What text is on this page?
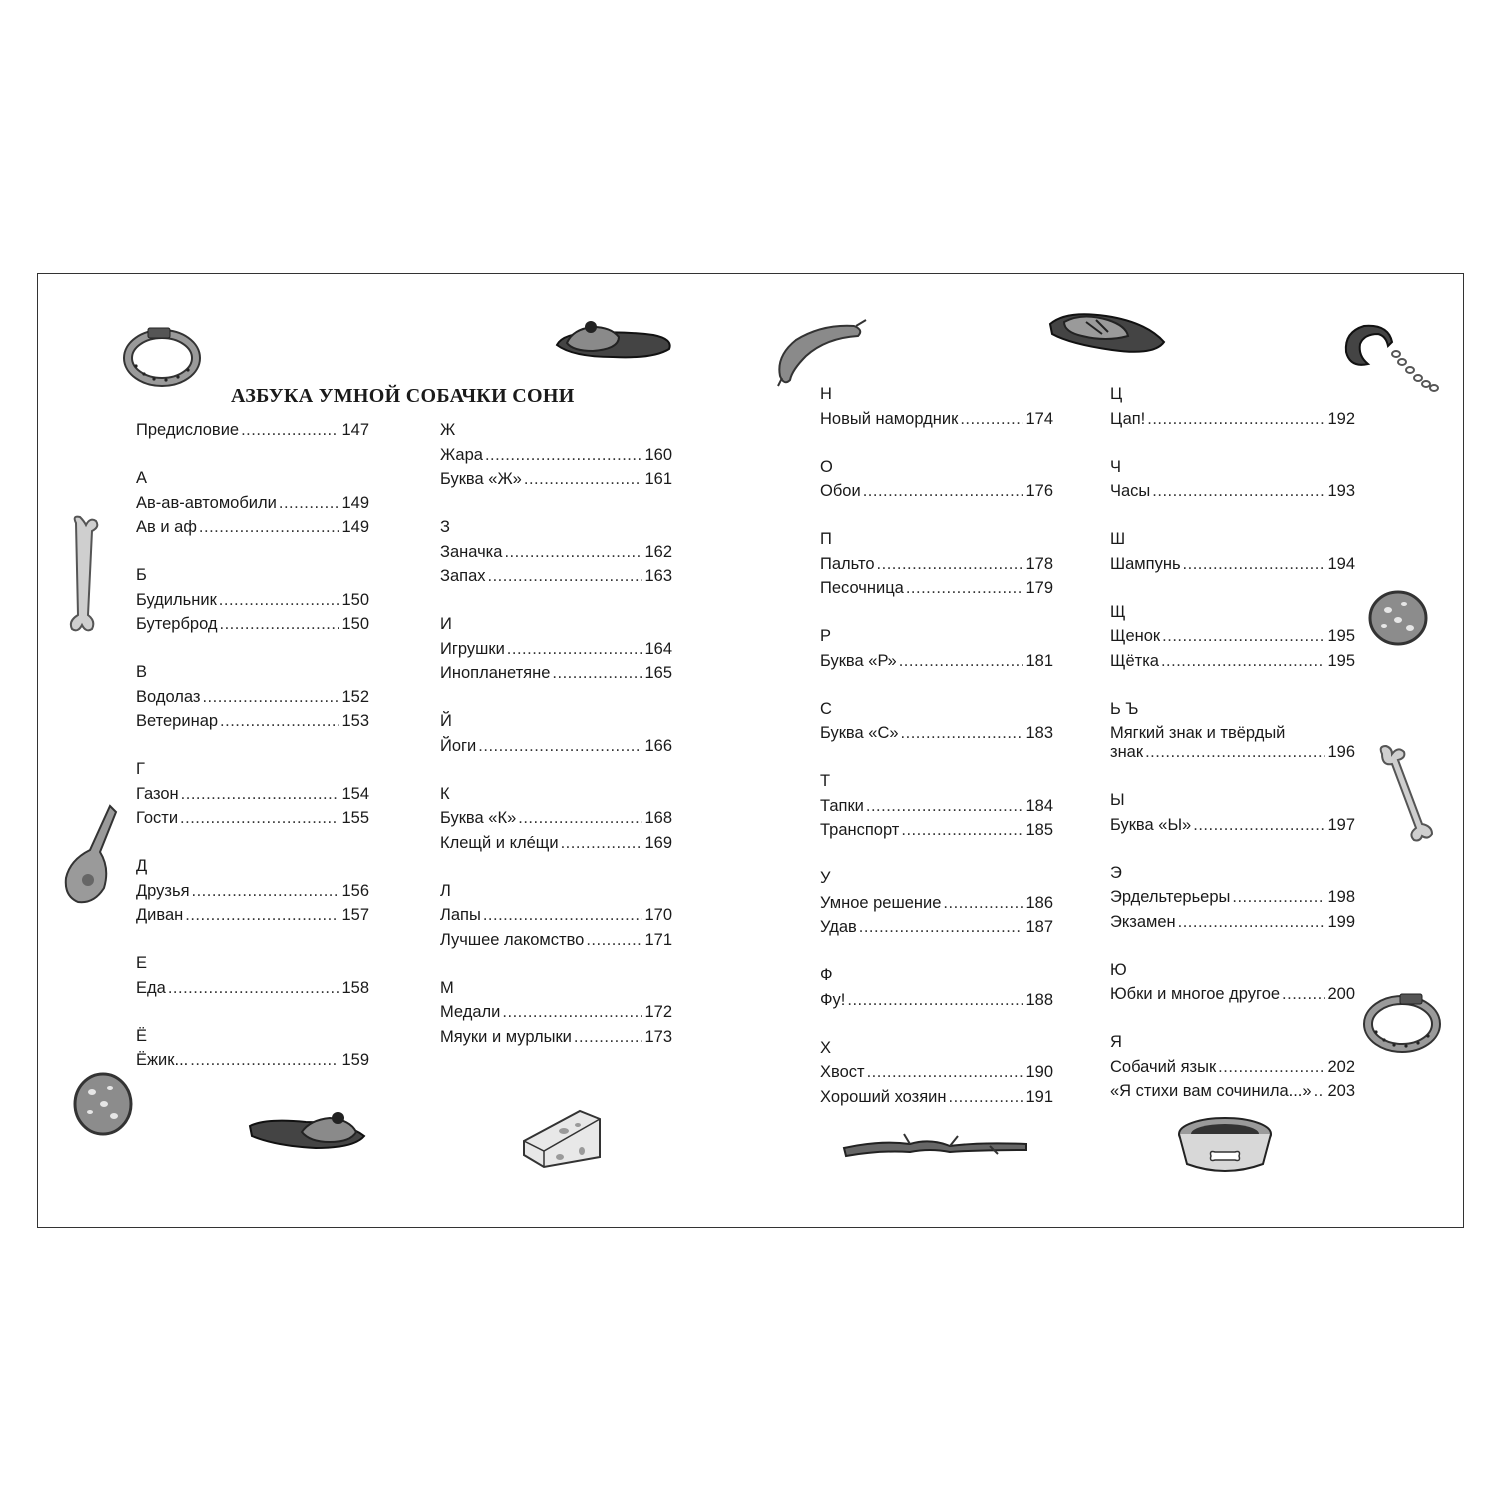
АЗБУКА УМНОЙ СОБАЧКИ СОНИ
Предисловие .....	147
А
Ав-ав-автомобили .....	149
Ав и аф .....	149
Б
Будильник .....	150
Бутерброд .....	150
В
Водолаз .....	152
Ветеринар .....	153
Г
Газон .....	154
Гости .....	155
Д
Друзья .....	156
Диван .....	157
Е
Еда .....	158
Ё
Ёжик... .....	159
Ж
Жара .....	160
Буква «Ж» .....	161
З
Заначка .....	162
Запах .....	163
И
Игрушки .....	164
Инопланетяне .....	165
Й
Йоги .....	166
К
Буква «К» .....	168
Клещй и клéщи .....	169
Л
Лапы .....	170
Лучшее лакомство .....	171
М
Медали .....	172
Мяуки и мурлыки .....	173
Н
Новый намордник .....	174
О
Обои .....	176
П
Пальто .....	178
Песочница .....	179
Р
Буква «Р» .....	181
С
Буква «С» .....	183
Т
Тапки .....	184
Транспорт .....	185
У
Умное решение .....	186
Удав .....	187
Ф
Фу! .....	188
Х
Хвост .....	190
Хороший хозяин .....	191
Ц
Цап! .....	192
Ч
Часы .....	193
Ш
Шампунь .....	194
Щ
Щенок .....	195
Щётка .....	195
Ь Ъ
Мягкий знак и твёрдый
знак .....	196
Ы
Буква «Ы» .....	197
Э
Эрдельтерьеры .....	198
Экзамен .....	199
Ю
Юбки и многое другое .....	200
Я
Собачий язык .....	202
«Я стихи вам сочинила...» ..... 203
